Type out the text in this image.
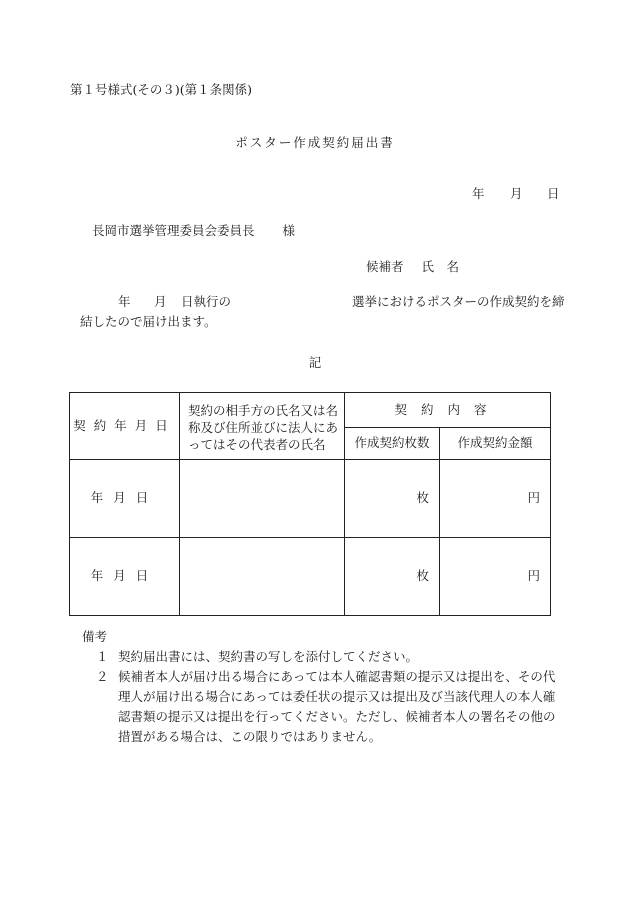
第１号様式(その３)(第１条関係)
ポスター作成契約届出書
年 月 日
長岡市選挙管理委員会委員長 様
候補者 氏　名
年 月 日執行の	選挙におけるポスターの作成契約を締
結したので届け出ます。
記
契約年月日	契約の相手方の氏名又は名称及び住所並びに法人にあってはその代表者の氏名	契約内容	
		作成契約枚数	作成契約金額
年月日		枚	円
年月日		枚	円
備考
１ 契約届出書には、契約書の写しを添付してください。
２ 候補者本人が届け出る場合にあっては本人確認書類の提示又は提出を、その代理人が届け出る場合にあっては委任状の提示又は提出及び当該代理人の本人確認書類の提示又は提出を行ってください。ただし、候補者本人の署名その他の措置がある場合は、この限りではありません。
